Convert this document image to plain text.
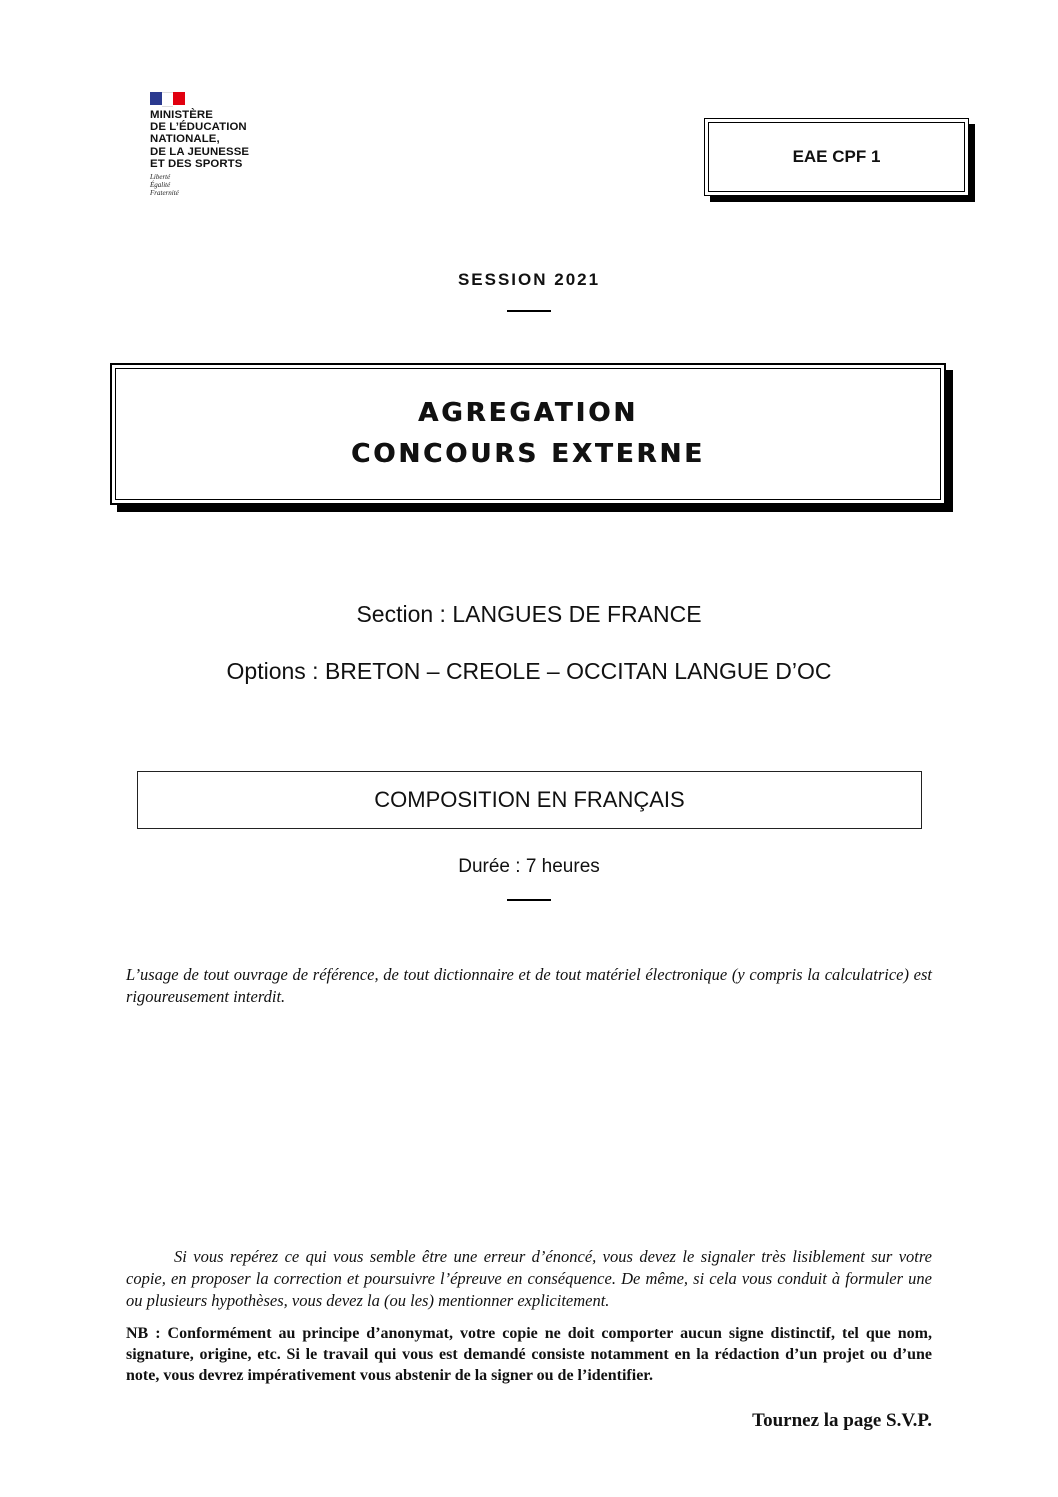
MINISTÈRE
DE L’ÉDUCATION
NATIONALE,
DE LA JEUNESSE
ET DES SPORTS
Liberté
Égalité
Fraternité
EAE CPF 1
SESSION 2021
AGREGATION
CONCOURS EXTERNE
Section : LANGUES DE FRANCE
Options : BRETON – CREOLE – OCCITAN LANGUE D’OC
COMPOSITION EN FRANÇAIS
Durée : 7 heures
L’usage de tout ouvrage de référence, de tout dictionnaire et de tout matériel électronique (y compris la calculatrice) est rigoureusement interdit.

Si vous repérez ce qui vous semble être une erreur d’énoncé, vous devez le signaler très lisiblement sur votre copie, en proposer la correction et poursuivre l’épreuve en conséquence. De même, si cela vous conduit à formuler une ou plusieurs hypothèses, vous devez la (ou les) mentionner explicitement.

NB : Conformément au principe d’anonymat, votre copie ne doit comporter aucun signe distinctif, tel que nom, signature, origine, etc. Si le travail qui vous est demandé consiste notamment en la rédaction d’un projet ou d’une note, vous devrez impérativement vous abstenir de la signer ou de l’identifier.
Tournez la page S.V.P.
